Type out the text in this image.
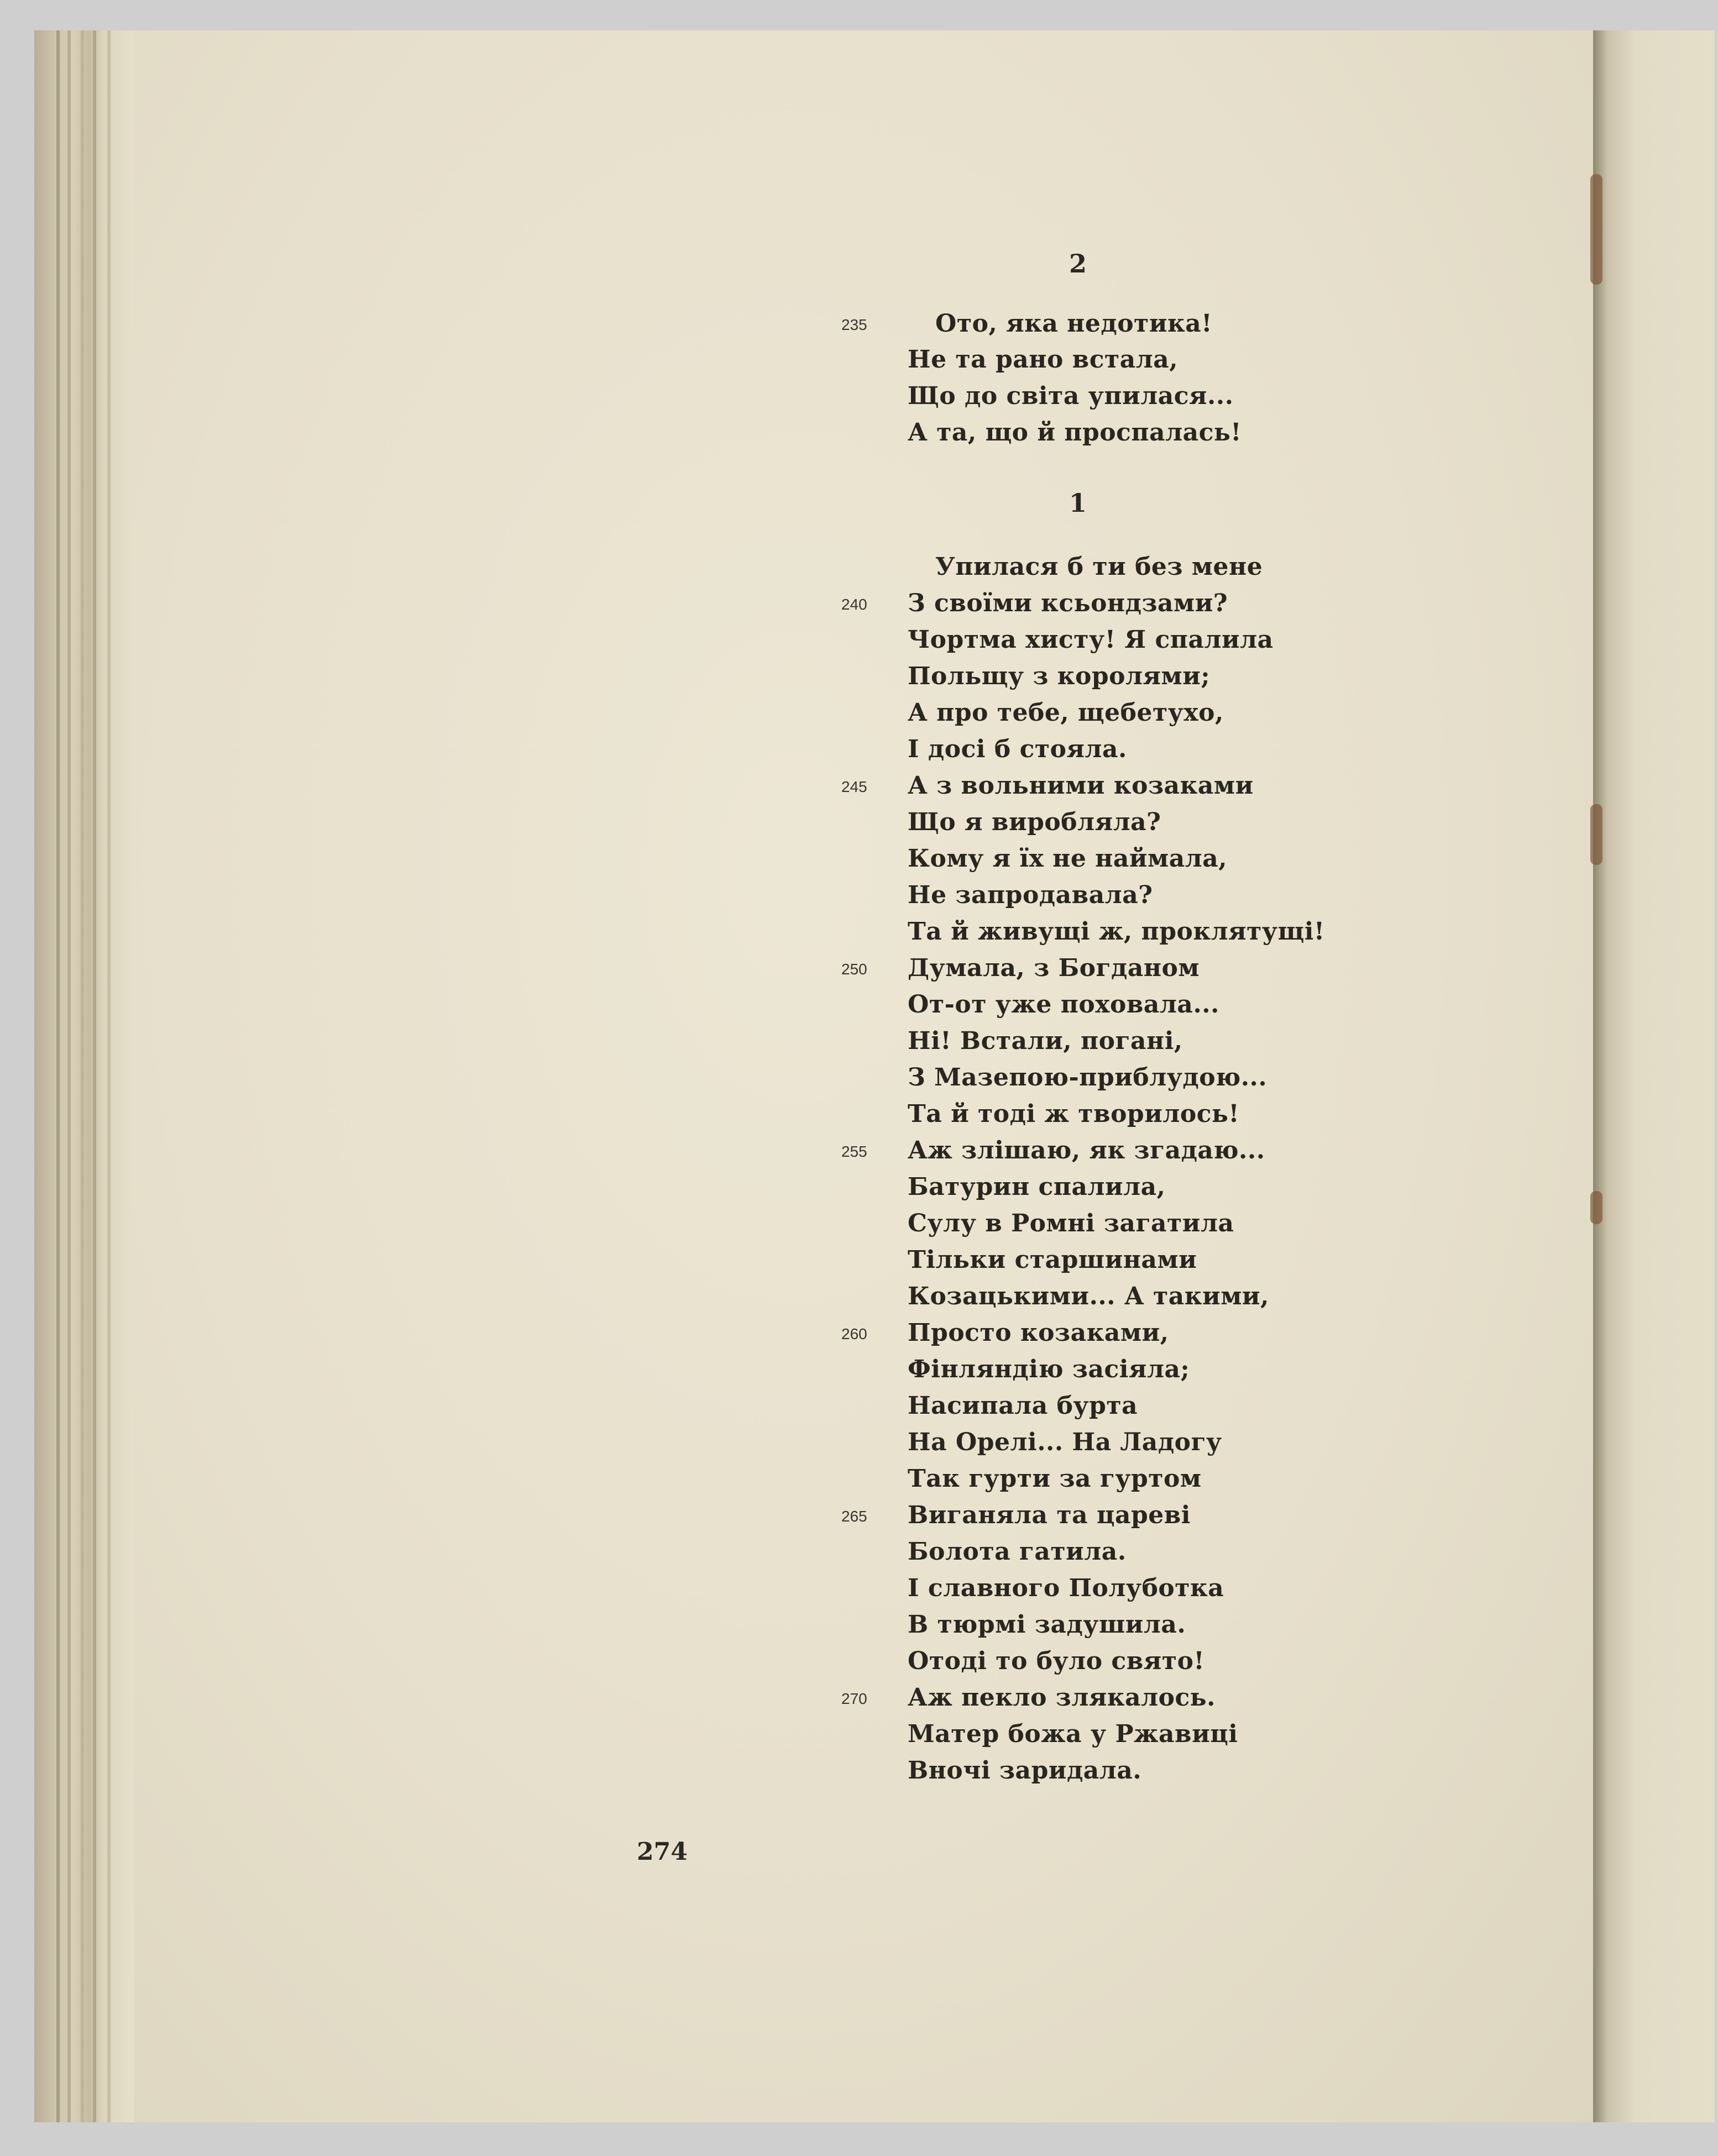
2
235	Ото, яка недотика!
Не та рано встала,
Що до світа упилася...
А та, що й проспалась!
1
Упилася б ти без мене
240 З своїми ксьондзами?
Чортма хисту! Я спалила
Польщу з королями;
А про тебе, щебетухо,
І досі б стояла.
245 А з вольними козаками
Що я виробляла?
Кому я їх не наймала,
Не запродавала?
Та й живущі ж, проклятущі!
250 Думала, з Богданом
От-от уже поховала...
Ні! Встали, погані,
З Мазепою-приблудою...
Та й тоді ж творилось!
255 Аж злішаю, як згадаю...
Батурин спалила,
Сулу в Ромні загатила
Тільки старшинами
Козацькими... А такими,
260 Просто козаками,
Фінляндію засіяла;
Насипала бурта
На Орелі... На Ладогу
Так гурти за гуртом
265 Виганяла та цареві
Болота гатила.
І славного Полуботка
В тюрмі задушила.
Отоді то було свято!
270 Аж пекло злякалось.
Матер божа у Ржавиці
Вночі заридала.
274
